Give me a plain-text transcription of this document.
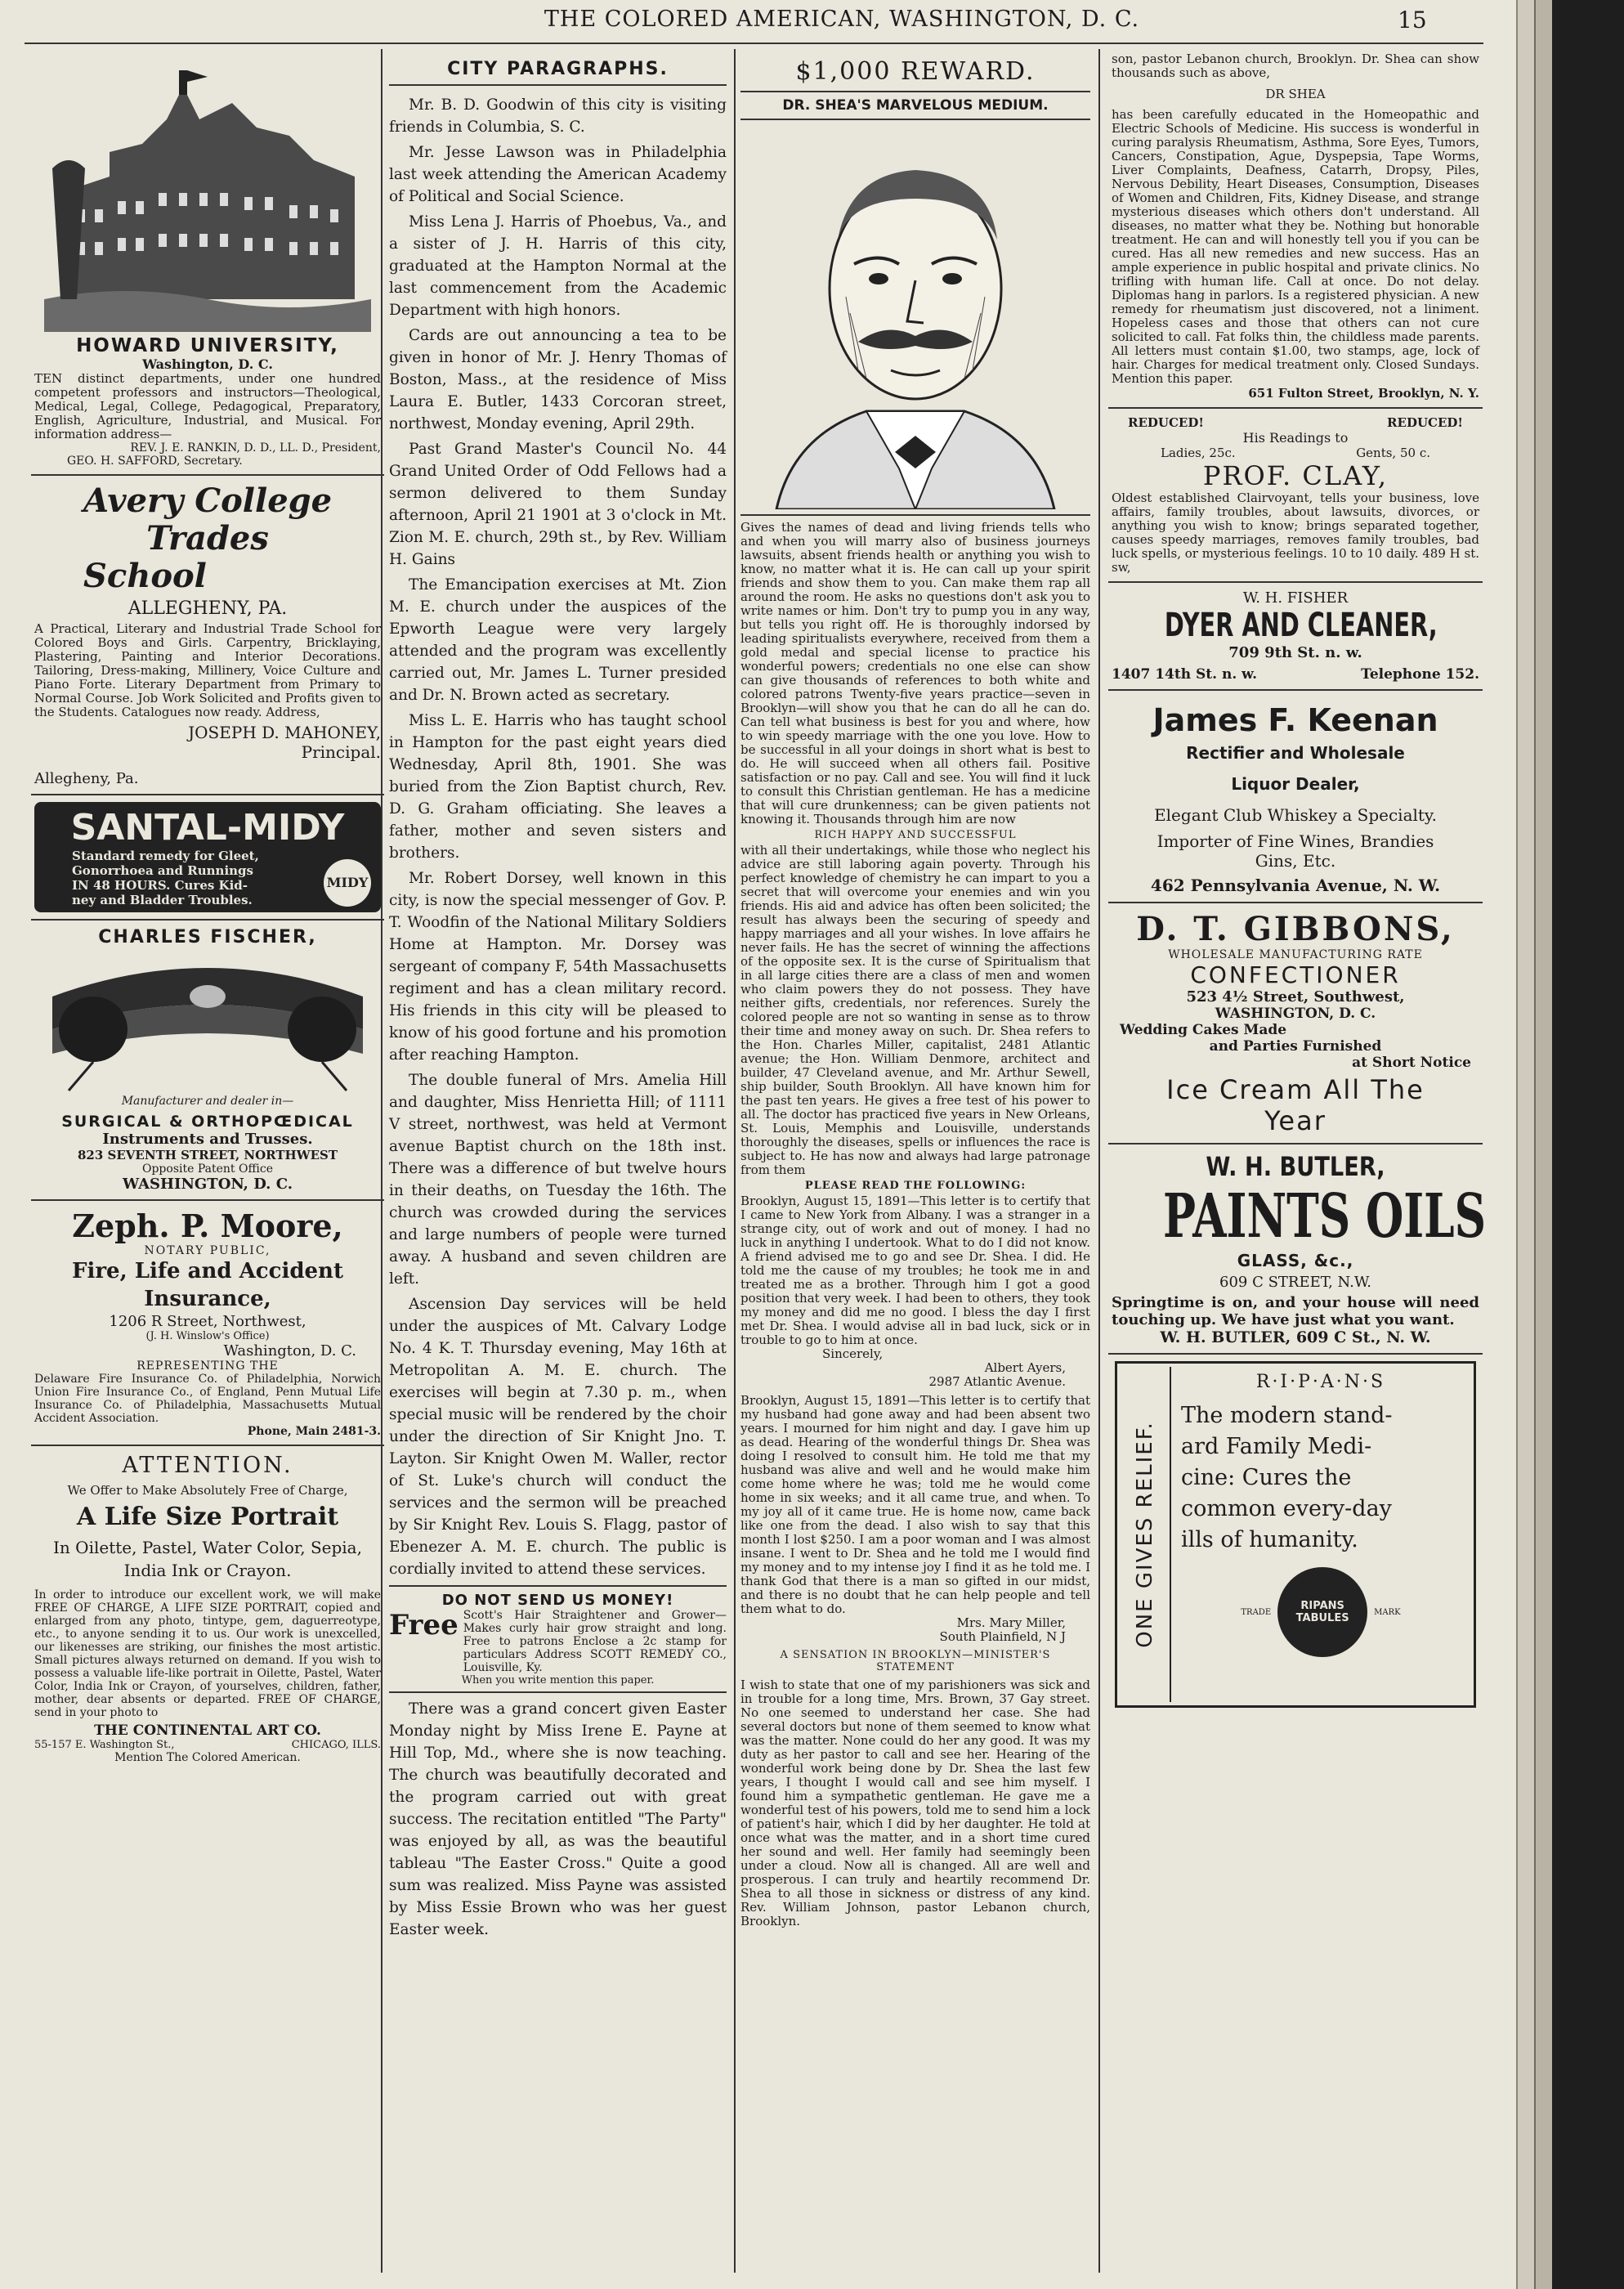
THE COLORED AMERICAN, WASHINGTON, D. C.	15
HOWARD UNIVERSITY,
Washington, D. C.
TEN distinct departments, under one hundred competent professors and instructors—Theological, Medical, Legal, College, Pedagogical, Preparatory, English, Agriculture, Industrial, and Musical. For information address—
REV. J. E. RANKIN, D. D., LL. D., President,
GEO. H. SAFFORD, Secretary.
Avery College Trades
School
ALLEGHENY, PA.
A Practical, Literary and Industrial Trade School for Colored Boys and Girls. Carpentry, Bricklaying, Plastering, Painting and Interior Decorations. Tailoring, Dress-making, Millinery, Voice Culture and Piano Forte. Literary Department from Primary to Normal Course. Job Work Solicited and Profits given to the Students. Catalogues now ready. Address,
JOSEPH D. MAHONEY,
Principal.
Allegheny, Pa.
SANTAL-MIDY
Standard remedy for Gleet,
Gonorrhoea and Runnings
IN 48 HOURS. Cures Kid-
ney and Bladder Troubles.
MIDY
CHARLES FISCHER,
Manufacturer and dealer in—
SURGICAL & ORTHOPŒDICAL
Instruments and Trusses.
823 SEVENTH STREET, NORTHWEST
Opposite Patent Office
WASHINGTON, D. C.
Zeph. P. Moore,
NOTARY PUBLIC,
Fire, Life and Accident Insurance,
1206 R Street, Northwest,
(J. H. Winslow's Office)
Washington, D. C.
REPRESENTING THE
Delaware Fire Insurance Co. of Philadelphia, Norwich Union Fire Insurance Co., of England, Penn Mutual Life Insurance Co. of Philadelphia, Massachusetts Mutual Accident Association.
Phone, Main 2481-3.
ATTENTION.
We Offer to Make Absolutely Free of Charge,
A Life Size Portrait
In Oilette, Pastel, Water Color, Sepia, India Ink or Crayon.
In order to introduce our excellent work, we will make FREE OF CHARGE, A LIFE SIZE PORTRAIT, copied and enlarged from any photo, tintype, gem, daguerreotype, etc., to anyone sending it to us. Our work is unexcelled, our likenesses are striking, our finishes the most artistic. Small pictures always returned on demand. If you wish to possess a valuable life-like portrait in Oilette, Pastel, Water Color, India Ink or Crayon, of yourselves, children, father, mother, dear absents or departed. FREE OF CHARGE, send in your photo to
THE CONTINENTAL ART CO.
55-157 E. Washington St.,	CHICAGO, ILLS.
Mention The Colored American.
CITY PARAGRAPHS.

Mr. B. D. Goodwin of this city is visiting friends in Columbia, S. C.

Mr. Jesse Lawson was in Philadelphia last week attending the American Academy of Political and Social Science.

Miss Lena J. Harris of Phoebus, Va., and a sister of J. H. Harris of this city, graduated at the Hampton Normal at the last commencement from the Academic Department with high honors.

Cards are out announcing a tea to be given in honor of Mr. J. Henry Thomas of Boston, Mass., at the residence of Miss Laura E. Butler, 1433 Corcoran street, northwest, Monday evening, April 29th.

Past Grand Master's Council No. 44 Grand United Order of Odd Fellows had a sermon delivered to them Sunday afternoon, April 21 1901 at 3 o'clock in Mt. Zion M. E. church, 29th st., by Rev. William H. Gains

The Emancipation exercises at Mt. Zion M. E. church under the auspices of the Epworth League were very largely attended and the program was excellently carried out, Mr. James L. Turner presided and Dr. N. Brown acted as secretary.

Miss L. E. Harris who has taught school in Hampton for the past eight years died Wednesday, April 8th, 1901. She was buried from the Zion Baptist church, Rev. D. G. Graham officiating. She leaves a father, mother and seven sisters and brothers.

Mr. Robert Dorsey, well known in this city, is now the special messenger of Gov. P. T. Woodfin of the National Military Soldiers Home at Hampton. Mr. Dorsey was sergeant of company F, 54th Massachusetts regiment and has a clean military record. His friends in this city will be pleased to know of his good fortune and his promotion after reaching Hampton.

The double funeral of Mrs. Amelia Hill and daughter, Miss Henrietta Hill; of 1111 V street, northwest, was held at Vermont avenue Baptist church on the 18th inst. There was a difference of but twelve hours in their deaths, on Tuesday the 16th. The church was crowded during the services and large numbers of people were turned away. A husband and seven children are left.

Ascension Day services will be held under the auspices of Mt. Calvary Lodge No. 4 K. T. Thursday evening, May 16th at Metropolitan A. M. E. church. The exercises will begin at 7.30 p. m., when special music will be rendered by the choir under the direction of Sir Knight Jno. T. Layton. Sir Knight Owen M. Waller, rector of St. Luke's church will conduct the services and the sermon will be preached by Sir Knight Rev. Louis S. Flagg, pastor of Ebenezer A. M. E. church. The public is cordially invited to attend these services.

DO NOT SEND US MONEY!
Free Scott's Hair Straightener and Grower—Makes curly hair grow straight and long. Free to patrons Enclose a 2c stamp for particulars Address SCOTT REMEDY CO., Louisville, Ky.
When you write mention this paper.

There was a grand concert given Easter Monday night by Miss Irene E. Payne at Hill Top, Md., where she is now teaching. The church was beautifully decorated and the program carried out with great success. The recitation entitled "The Party" was enjoyed by all, as was the beautiful tableau "The Easter Cross." Quite a good sum was realized. Miss Payne was assisted by Miss Essie Brown who was her guest Easter week.

$1,000 REWARD.
DR. SHEA'S MARVELOUS MEDIUM.
Gives the names of dead and living friends tells who and when you will marry also of business journeys lawsuits, absent friends health or anything you wish to know, no matter what it is. He can call up your spirit friends and show them to you. Can make them rap all around the room. He asks no questions don't ask you to write names or him. Don't try to pump you in any way, but tells you right off. He is thoroughly indorsed by leading spiritualists everywhere, received from them a gold medal and special license to practice his wonderful powers; credentials no one else can show can give thousands of references to both white and colored patrons Twenty-five years practice—seven in Brooklyn—will show you that he can do all he can do. Can tell what business is best for you and where, how to win speedy marriage with the one you love. How to be successful in all your doings in short what is best to do. He will succeed when all others fail. Positive satisfaction or no pay. Call and see. You will find it luck to consult this Christian gentleman. He has a medicine that will cure drunkenness; can be given patients not knowing it. Thousands through him are now
RICH HAPPY AND SUCCESSFUL
with all their undertakings, while those who neglect his advice are still laboring again poverty. Through his perfect knowledge of chemistry he can impart to you a secret that will overcome your enemies and win you friends. His aid and advice has often been solicited; the result has always been the securing of speedy and happy marriages and all your wishes. In love affairs he never fails. He has the secret of winning the affections of the opposite sex. It is the curse of Spiritualism that in all large cities there are a class of men and women who claim powers they do not possess. They have neither gifts, credentials, nor references. Surely the colored people are not so wanting in sense as to throw their time and money away on such. Dr. Shea refers to the Hon. Charles Miller, capitalist, 2481 Atlantic avenue; the Hon. William Denmore, architect and builder, 47 Cleveland avenue, and Mr. Arthur Sewell, ship builder, South Brooklyn. All have known him for the past ten years. He gives a free test of his power to all. The doctor has practiced five years in New Orleans, St. Louis, Memphis and Louisville, understands thoroughly the diseases, spells or influences the race is subject to. He has now and always had large patronage from them
PLEASE READ THE FOLLOWING:
Brooklyn, August 15, 1891—This letter is to certify that I came to New York from Albany. I was a stranger in a strange city, out of work and out of money. I had no luck in anything I undertook. What to do I did not know. A friend advised me to go and see Dr. Shea. I did. He told me the cause of my troubles; he took me in and treated me as a brother. Through him I got a good position that very week. I had been to others, they took my money and did me no good. I bless the day I first met Dr. Shea. I would advise all in bad luck, sick or in trouble to go to him at once.
Sincerely,
Albert Ayers,
2987 Atlantic Avenue.
Brooklyn, August 15, 1891—This letter is to certify that my husband had gone away and had been absent two years. I mourned for him night and day. I gave him up as dead. Hearing of the wonderful things Dr. Shea was doing I resolved to consult him. He told me that my husband was alive and well and he would make him come home where he was; told me he would come home in six weeks; and it all came true, and when. To my joy all of it came true. He is home now, came back like one from the dead. I also wish to say that this month I lost $250. I am a poor woman and I was almost insane. I went to Dr. Shea and he told me I would find my money and to my intense joy I find it as he told me. I thank God that there is a man so gifted in our midst, and there is no doubt that he can help people and tell them what to do.
Mrs. Mary Miller,
South Plainfield, N J
A SENSATION IN BROOKLYN—MINISTER'S STATEMENT
I wish to state that one of my parishioners was sick and in trouble for a long time, Mrs. Brown, 37 Gay street. No one seemed to understand her case. She had several doctors but none of them seemed to know what was the matter. None could do her any good. It was my duty as her pastor to call and see her. Hearing of the wonderful work being done by Dr. Shea the last few years, I thought I would call and see him myself. I found him a sympathetic gentleman. He gave me a wonderful test of his powers, told me to send him a lock of patient's hair, which I did by her daughter. He told at once what was the matter, and in a short time cured her sound and well. Her family had seemingly been under a cloud. Now all is changed. All are well and prosperous. I can truly and heartily recommend Dr. Shea to all those in sickness or distress of any kind. Rev. William Johnson, pastor Lebanon church, Brooklyn.
son, pastor Lebanon church, Brooklyn. Dr. Shea can show thousands such as above,
DR SHEA
has been carefully educated in the Homeopathic and Electric Schools of Medicine. His success is wonderful in curing paralysis Rheumatism, Asthma, Sore Eyes, Tumors, Cancers, Constipation, Ague, Dyspepsia, Tape Worms, Liver Complaints, Deafness, Catarrh, Dropsy, Piles, Nervous Debility, Heart Diseases, Consumption, Diseases of Women and Children, Fits, Kidney Disease, and strange mysterious diseases which others don't understand. All diseases, no matter what they be. Nothing but honorable treatment. He can and will honestly tell you if you can be cured. Has all new remedies and new success. Has an ample experience in public hospital and private clinics. No trifling with human life. Call at once. Do not delay. Diplomas hang in parlors. Is a registered physician. A new remedy for rheumatism just discovered, not a liniment. Hopeless cases and those that others can not cure solicited to call. Fat folks thin, the childless made parents. All letters must contain $1.00, two stamps, age, lock of hair. Charges for medical treatment only. Closed Sundays. Mention this paper.
651 Fulton Street, Brooklyn, N. Y.
REDUCED!	REDUCED!
His Readings to
Ladies, 25c.	Gents, 50 c.
PROF. CLAY,
Oldest established Clairvoyant, tells your business, love affairs, family troubles, about lawsuits, divorces, or anything you wish to know; brings separated together, causes speedy marriages, removes family troubles, bad luck spells, or mysterious feelings. 10 to 10 daily. 489 H st. sw,
W. H. FISHER
DYER AND CLEANER,
709 9th St. n. w.
1407 14th St. n. w.	Telephone 152.
James F. Keenan
Rectifier and Wholesale
Liquor Dealer,
Elegant Club Whiskey a Specialty.
Importer of Fine Wines, Brandies
Gins, Etc.
462 Pennsylvania Avenue, N. W.
D. T. GIBBONS,
WHOLESALE MANUFACTURING RATE
CONFECTIONER
523 4½ Street, Southwest,
WASHINGTON, D. C.
Wedding Cakes Made
and Parties Furnished
at Short Notice
Ice Cream All The
Year
W. H. BUTLER,
PAINTS OILS
GLASS, &c.,
609 C STREET, N.W.
Springtime is on, and your house will need touching up. We have just what you want.
W. H. BUTLER, 609 C St., N. W.
ONE GIVES RELIEF.
R·I·P·A·N·S
The modern stand-
ard Family Medi-
cine: Cures the
common every-day
ills of humanity.
TRADE	RIPANS TABULES	MARK
